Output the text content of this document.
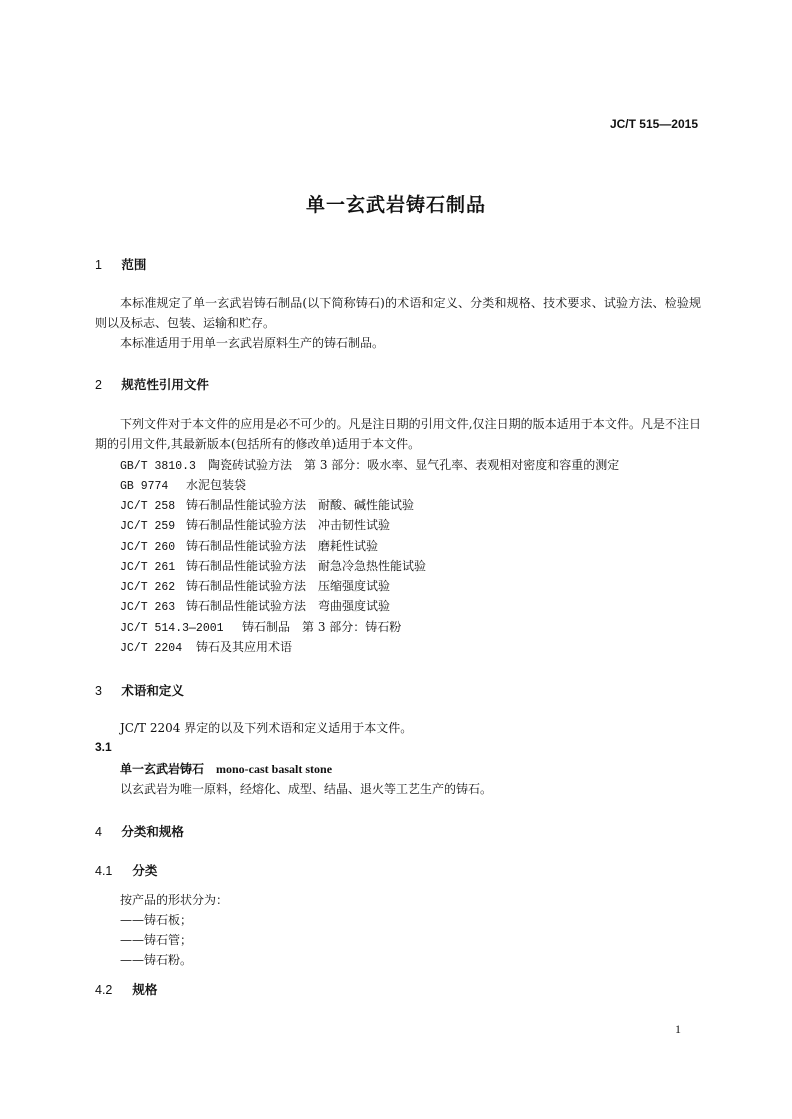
JC/T 515—2015
单一玄武岩铸石制品
1 范围
本标准规定了单一玄武岩铸石制品(以下简称铸石)的术语和定义、分类和规格、技术要求、试验方法、检验规则以及标志、包装、运输和贮存。
本标准适用于用单一玄武岩原料生产的铸石制品。
2 规范性引用文件
下列文件对于本文件的应用是必不可少的。凡是注日期的引用文件,仅注日期的版本适用于本文件。凡是不注日期的引用文件,其最新版本(包括所有的修改单)适用于本文件。
GB/T 3810.3 陶瓷砖试验方法　第 3 部分：吸水率、显气孔率、表观相对密度和容重的测定
GB 9774 水泥包装袋
JC/T 258 铸石制品性能试验方法　耐酸、碱性能试验
JC/T 259 铸石制品性能试验方法　冲击韧性试验
JC/T 260 铸石制品性能试验方法　磨耗性试验
JC/T 261 铸石制品性能试验方法　耐急冷急热性能试验
JC/T 262 铸石制品性能试验方法　压缩强度试验
JC/T 263 铸石制品性能试验方法　弯曲强度试验
JC/T 514.3—2001 铸石制品　第 3 部分：铸石粉
JC/T 2204 铸石及其应用术语
3 术语和定义
JC/T 2204 界定的以及下列术语和定义适用于本文件。
3.1
单一玄武岩铸石 mono-cast basalt stone
以玄武岩为唯一原料，经熔化、成型、结晶、退火等工艺生产的铸石。
4 分类和规格
4.1 分类
按产品的形状分为：
——铸石板；
——铸石管；
——铸石粉。
4.2 规格
1
